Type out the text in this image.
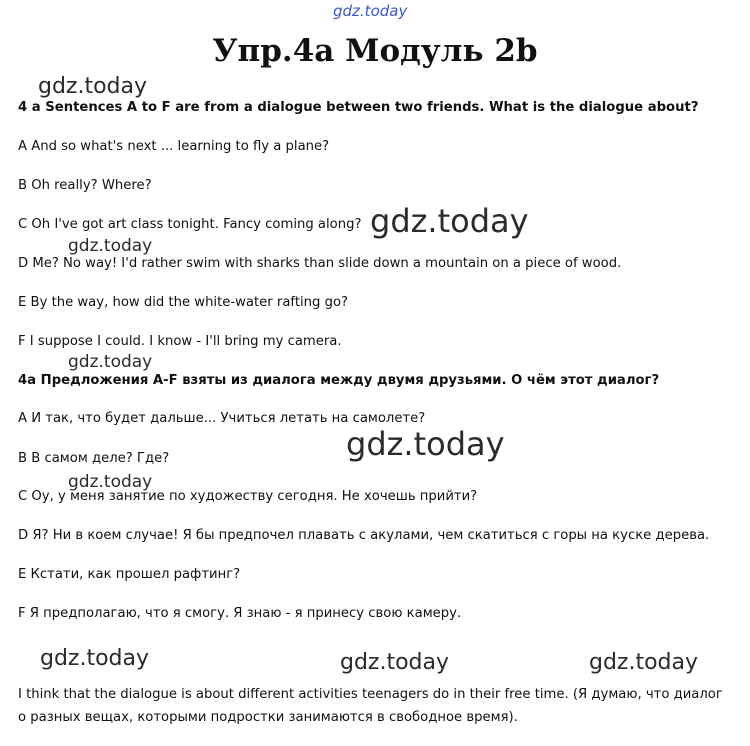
gdz.today
gdz.today
gdz.today
gdz.today
gdz.today
gdz.today
gdz.today
gdz.today	gdz.today	gdz.today
Упр.4a Модуль 2b
4 a Sentences A to F are from a dialogue between two friends. What is the dialogue about?
A And so what's next ... learning to fly a plane?
B Oh really? Where?
C Oh I've got art class tonight. Fancy coming along?
D Me? No way! I'd rather swim with sharks than slide down a mountain on a piece of wood.
E By the way, how did the white-water rafting go?
F I suppose I could. I know - I'll bring my camera.
4a Предложения A-F взяты из диалога между двумя друзьями. О чём этот диалог?
А И так, что будет дальше... Учиться летать на самолете?
В В самом деле? Где?
С Оу, у меня занятие по художеству сегодня. Не хочешь прийти?
D Я? Ни в коем случае! Я бы предпочел плавать с акулами, чем скатиться с горы на куске дерева.
Е Кстати, как прошел рафтинг?
F Я предполагаю, что я смогу. Я знаю - я принесу свою камеру.

I think that the dialogue is about different activities teenagers do in their free time. (Я думаю, что диалог о разных вещах, которыми подростки занимаются в свободное время).
